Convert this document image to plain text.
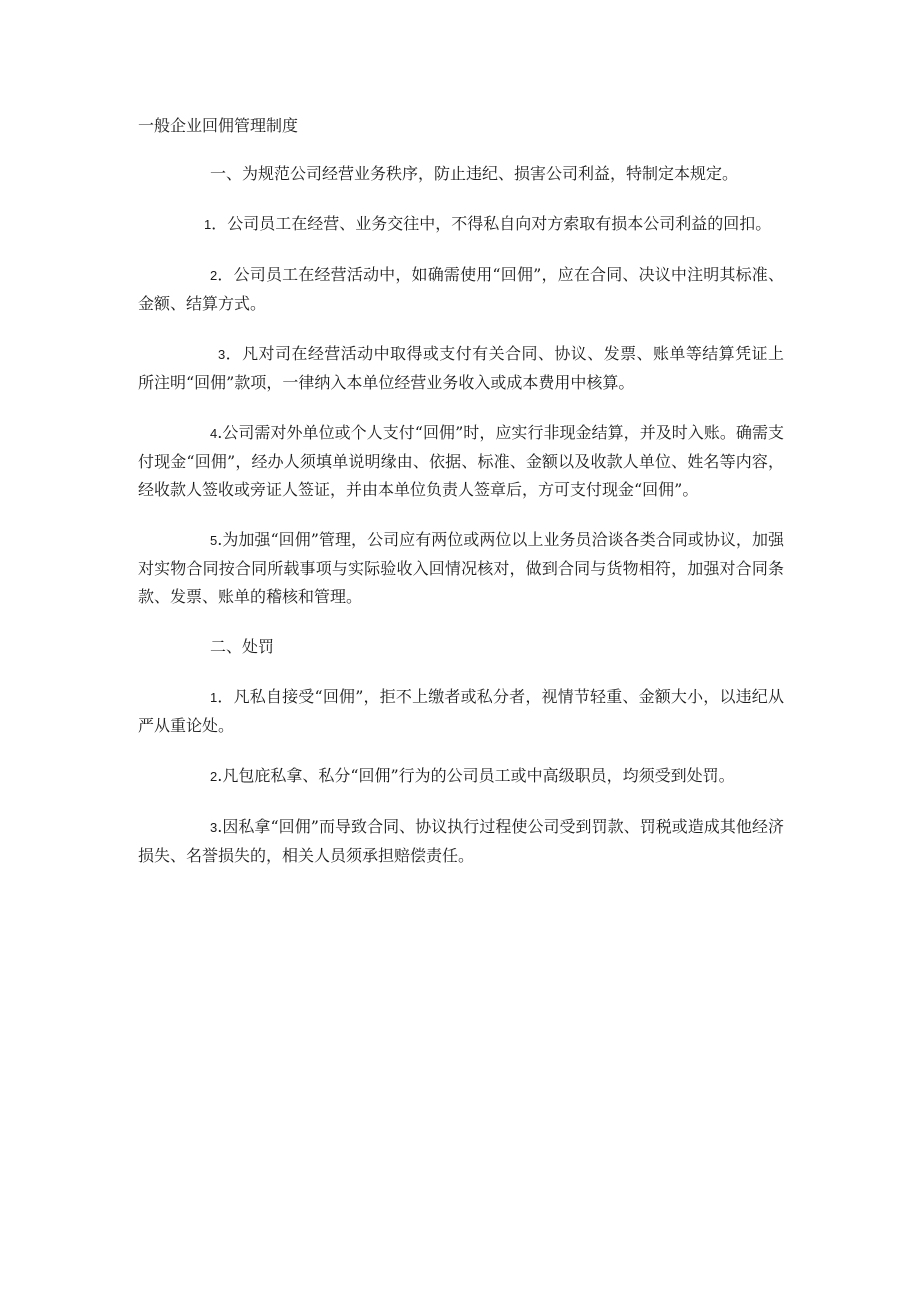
一般企业回佣管理制度

一、为规范公司经营业务秩序，防止违纪、损害公司利益，特制定本规定。

1．公司员工在经营、业务交往中，不得私自向对方索取有损本公司利益的回扣。

2．公司员工在经营活动中，如确需使用“回佣”，应在合同、决议中注明其标准、金额、结算方式。

3．凡对司在经营活动中取得或支付有关合同、协议、发票、账单等结算凭证上所注明“回佣”款项，一律纳入本单位经营业务收入或成本费用中核算。

4.公司需对外单位或个人支付“回佣”时，应实行非现金结算，并及时入账。确需支付现金“回佣”，经办人须填单说明缘由、依据、标准、金额以及收款人单位、姓名等内容，经收款人签收或旁证人签证，并由本单位负责人签章后，方可支付现金“回佣”。

5.为加强“回佣”管理，公司应有两位或两位以上业务员洽谈各类合同或协议，加强对实物合同按合同所载事项与实际验收入回情况核对，做到合同与货物相符，加强对合同条款、发票、账单的稽核和管理。

二、处罚

1．凡私自接受“回佣”，拒不上缴者或私分者，视情节轻重、金额大小，以违纪从严从重论处。

2.凡包庇私拿、私分“回佣”行为的公司员工或中高级职员，均须受到处罚。

3.因私拿“回佣”而导致合同、协议执行过程使公司受到罚款、罚税或造成其他经济损失、名誉损失的，相关人员须承担赔偿责任。
